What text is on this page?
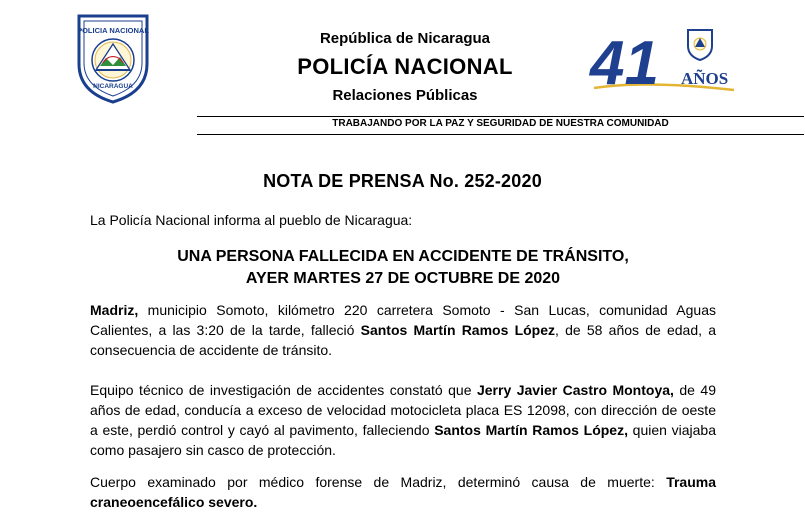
POLICIA NACIONAL
NICARAGUA
República de Nicaragua
POLICÍA NACIONAL
Relaciones Públicas	41 AÑOS
TRABAJANDO POR LA PAZ Y SEGURIDAD DE NUESTRA COMUNIDAD
NOTA DE PRENSA No. 252-2020
La Policía Nacional informa al pueblo de Nicaragua:
UNA PERSONA FALLECIDA EN ACCIDENTE DE TRÁNSITO,
AYER MARTES 27 DE OCTUBRE DE 2020
Madriz, municipio Somoto, kilómetro 220 carretera Somoto - San Lucas, comunidad Aguas Calientes, a las 3:20 de la tarde, falleció Santos Martín Ramos López, de 58 años de edad, a consecuencia de accidente de tránsito.
Equipo técnico de investigación de accidentes constató que Jerry Javier Castro Montoya, de 49 años de edad, conducía a exceso de velocidad motocicleta placa ES 12098, con dirección de oeste a este, perdió control y cayó al pavimento, falleciendo Santos Martín Ramos López, quien viajaba como pasajero sin casco de protección.
Cuerpo examinado por médico forense de Madriz, determinó causa de muerte: Trauma craneoencefálico severo.
